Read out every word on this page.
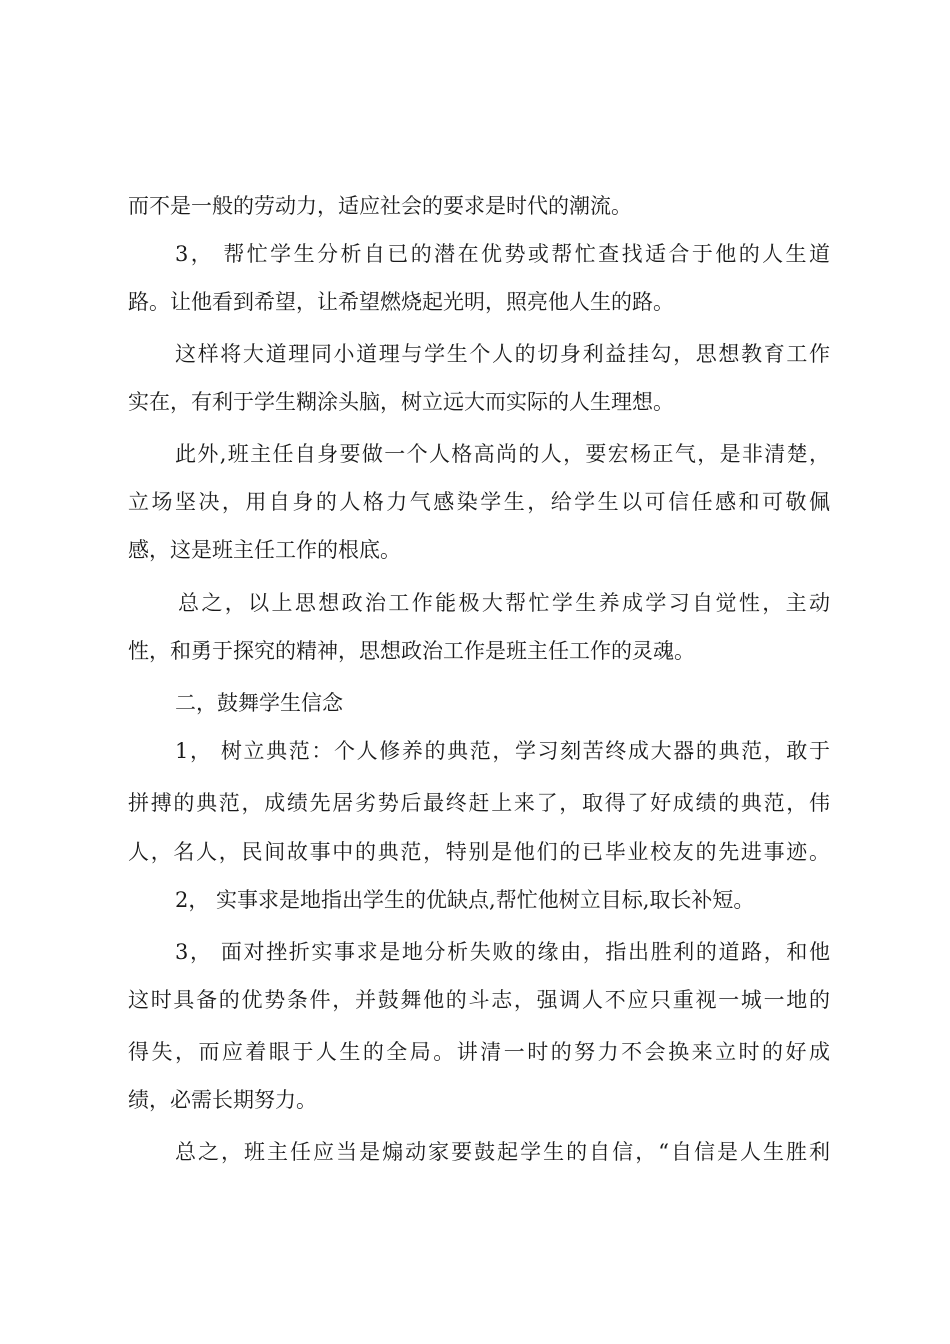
而不是一般的劳动力，适应社会的要求是时代的潮流。
3， 帮忙学生分析自已的潜在优势或帮忙查找适合于他的人生道
路。让他看到希望，让希望燃烧起光明，照亮他人生的路。
这样将大道理同小道理与学生个人的切身利益挂勾，思想教育工作
实在，有利于学生糊涂头脑，树立远大而实际的人生理想。
此外,班主任自身要做一个人格高尚的人，要宏杨正气，是非清楚，
立场坚决，用自身的人格力气感染学生，给学生以可信任感和可敬佩
感，这是班主任工作的根底。
总之，以上思想政治工作能极大帮忙学生养成学习自觉性，主动
性，和勇于探究的精神，思想政治工作是班主任工作的灵魂。
二，鼓舞学生信念
1， 树立典范：个人修养的典范，学习刻苦终成大器的典范，敢于
拼搏的典范，成绩先居劣势后最终赶上来了，取得了好成绩的典范，伟
人，名人，民间故事中的典范，特别是他们的已毕业校友的先进事迹。
2， 实事求是地指出学生的优缺点,帮忙他树立目标,取长补短。
3， 面对挫折实事求是地分析失败的缘由，指出胜利的道路，和他
这时具备的优势条件，并鼓舞他的斗志，强调人不应只重视一城一地的
得失，而应着眼于人生的全局。讲清一时的努力不会换来立时的好成
绩，必需长期努力。
总之，班主任应当是煽动家要鼓起学生的自信，“自信是人生胜利
